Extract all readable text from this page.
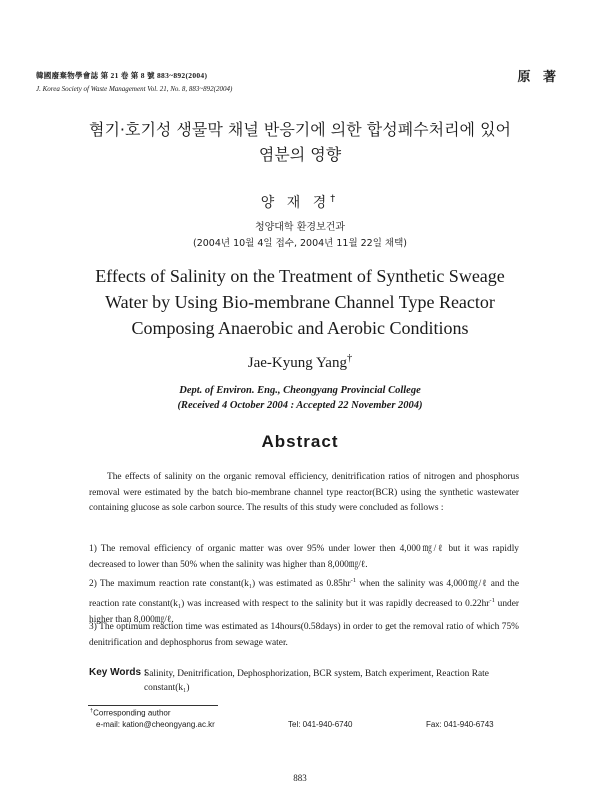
韓國廢棄物學會誌 第 21 卷 第 8 號 883~892(2004)
J. Korea Society of Waste Management Vol. 21, No. 8, 883~892(2004)
原 著
혐기·호기성 생물막 채널 반응기에 의한 합성폐수처리에 있어
염분의 영향
양 재 경†
청양대학 환경보건과
(2004년 10월 4일 접수, 2004년 11월 22일 채택)
Effects of Salinity on the Treatment of Synthetic Sweage
Water by Using Bio-membrane Channel Type Reactor
Composing Anaerobic and Aerobic Conditions
Jae-Kyung Yang†
Dept. of Environ. Eng., Cheongyang Provincial College
(Received 4 October 2004 : Accepted 22 November 2004)
Abstract
The effects of salinity on the organic removal efficiency, denitrification ratios of nitrogen and phosphorus removal were estimated by the batch bio-membrane channel type reactor(BCR) using the synthetic wastewater containing glucose as sole carbon source. The results of this study were concluded as follows :
1) The removal efficiency of organic matter was over 95% under lower then 4,000㎎/ℓ but it was rapidly decreased to lower than 50% when the salinity was higher than 8,000㎎/ℓ.
2) The maximum reaction rate constant(k₁) was estimated as $0.85hr^{-1}$ when the salinity was 4,000㎎/ℓ and the reaction rate constant(k₁) was increased with respect to the salinity but it was rapidly decreased to $0.22hr^{-1}$ under higher than 8,000㎎/ℓ.
3) The optimum reaction time was estimated as 14hours(0.58days) in order to get the removal ratio of which 75% denitrification and dephosphorus from sewage water.
Key Words :
Salinity, Denitrification, Dephosphorization, BCR system, Batch experiment, Reaction Rate constant(k₁)
†Corresponding author
e-mail: kation@cheongyang.ac.kr	Tel: 041-940-6740	Fax: 041-940-6743
883
